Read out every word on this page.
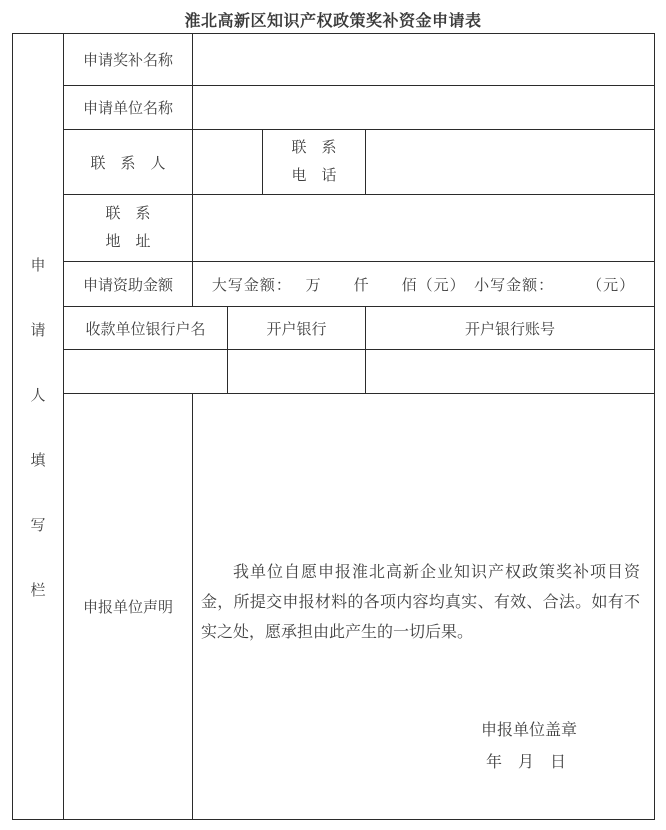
淮北高新区知识产权政策奖补资金申请表
申
请
人
填
写
栏
	申请奖补名称	
	申请单位名称				
	联　系　人			联　系
电　话	

	联　系
地　址				

	申请资助金额	大写金额：　 万　　仟　　佰（元）　小写金额：　　　（元）			
	收款单位银行户名		开户银行		开户银行账号

	申报单位声明	我单位自愿申报淮北高新企业知识产权政策奖补项目资金，所提交申报材料的各项内容均真实、有效、合法。如有不实之处，愿承担由此产生的一切后果。

申报单位盖章
年　月　日			
